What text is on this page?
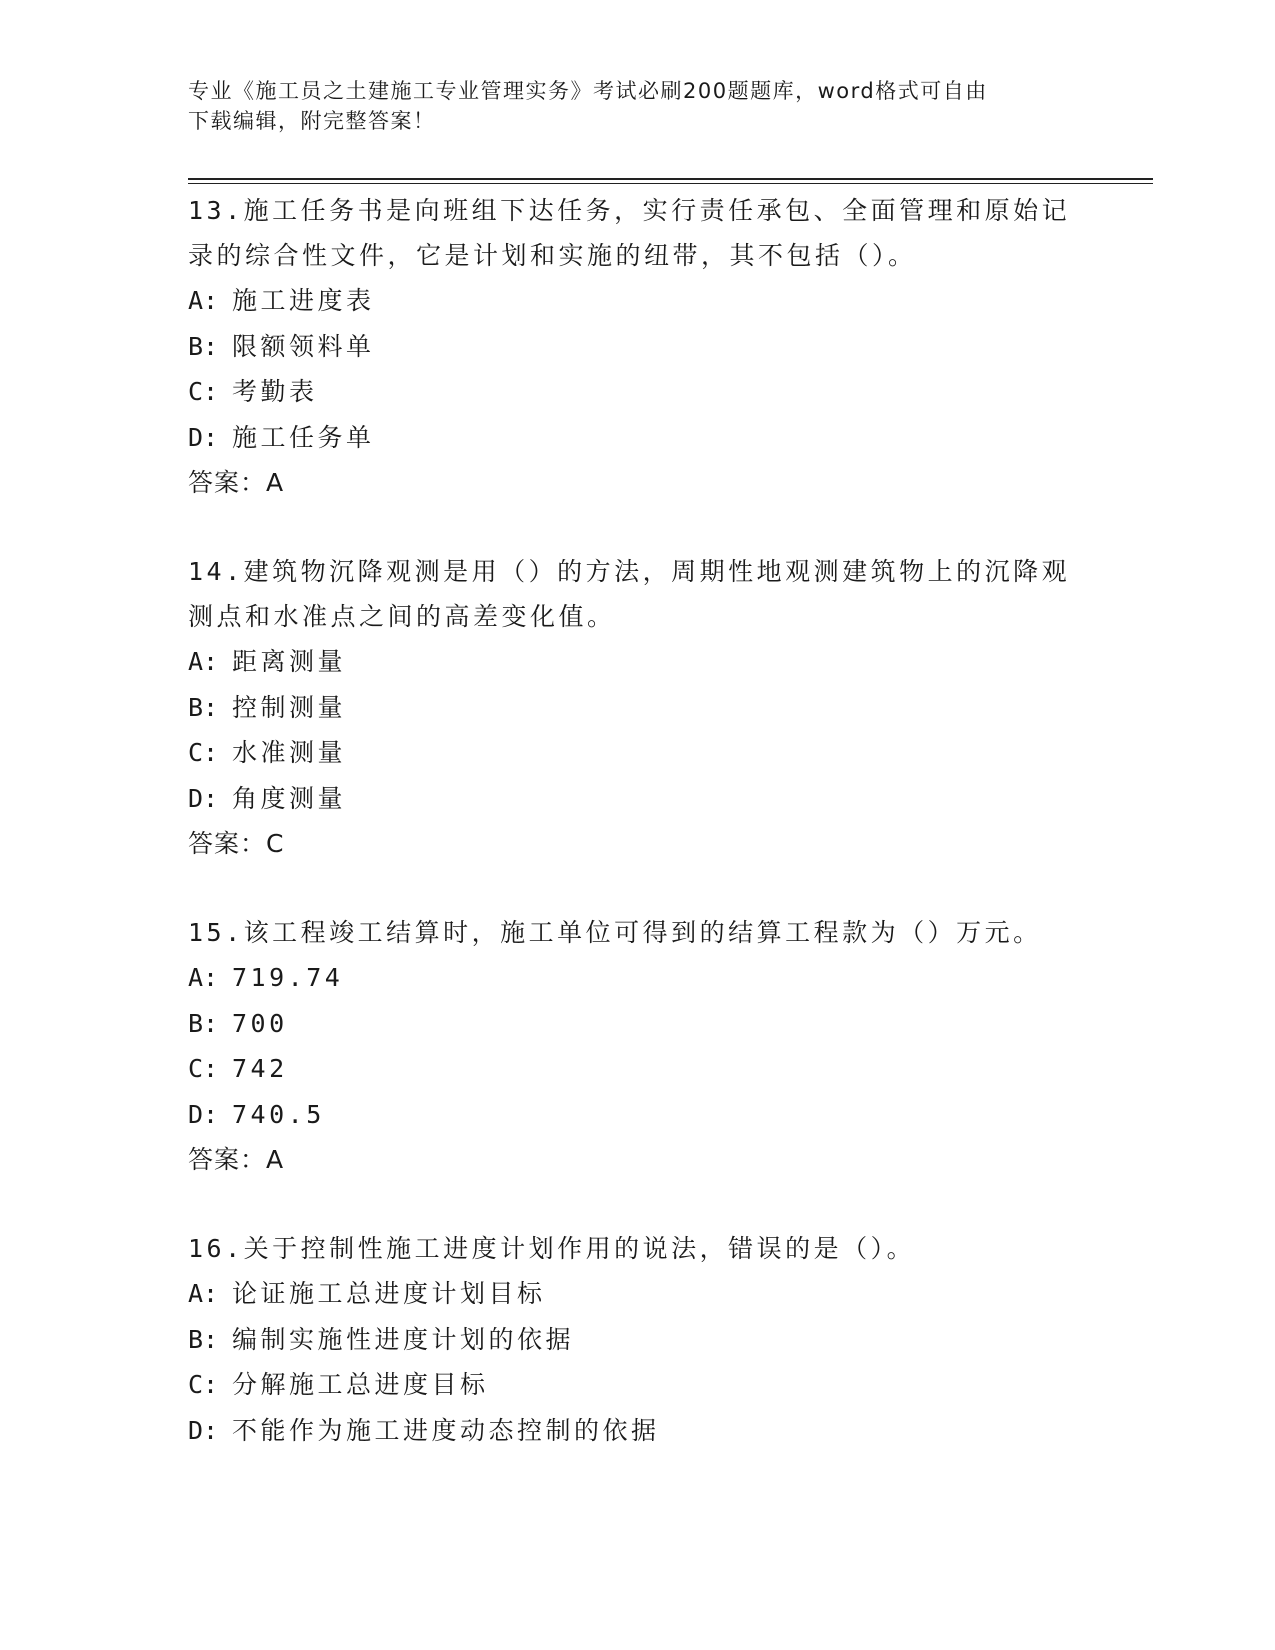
专业《施工员之土建施工专业管理实务》考试必刷200题题库，word格式可自由
下载编辑，附完整答案！
13.施工任务书是向班组下达任务，实行责任承包、全面管理和原始记
录的综合性文件，它是计划和实施的纽带，其不包括（）。
A: 施工进度表
B: 限额领料单
C: 考勤表
D: 施工任务单
答案：A
14.建筑物沉降观测是用（）的方法，周期性地观测建筑物上的沉降观
测点和水准点之间的高差变化值。
A: 距离测量
B: 控制测量
C: 水准测量
D: 角度测量
答案：C
15.该工程竣工结算时，施工单位可得到的结算工程款为（）万元。
A: 719.74
B: 700
C: 742
D: 740.5
答案：A
16.关于控制性施工进度计划作用的说法，错误的是（）。
A: 论证施工总进度计划目标
B: 编制实施性进度计划的依据
C: 分解施工总进度目标
D: 不能作为施工进度动态控制的依据
